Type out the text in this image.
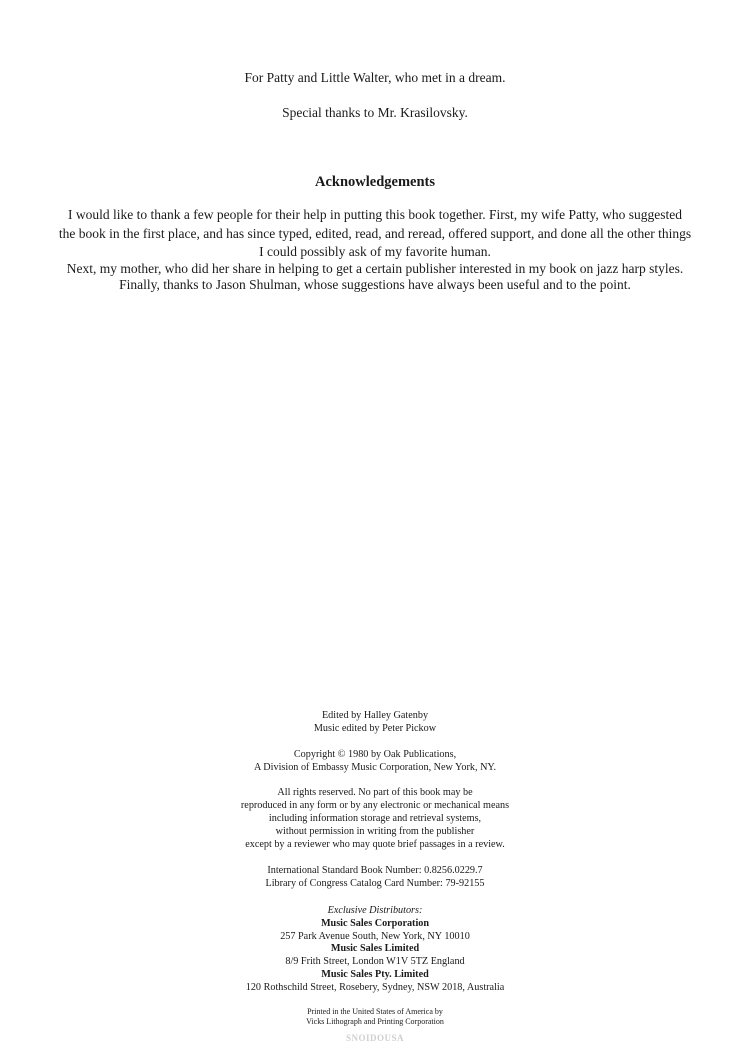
For Patty and Little Walter, who met in a dream.
Special thanks to Mr. Krasilovsky.
Acknowledgements
I would like to thank a few people for their help in putting this book together. First, my wife Patty, who suggested
the book in the first place, and has since typed, edited, read, and reread, offered support, and done all the other things
I could possibly ask of my favorite human.
Next, my mother, who did her share in helping to get a certain publisher interested in my book on jazz harp styles.
Finally, thanks to Jason Shulman, whose suggestions have always been useful and to the point.
Edited by Halley Gatenby
Music edited by Peter Pickow
Copyright © 1980 by Oak Publications,
A Division of Embassy Music Corporation, New York, NY.
All rights reserved. No part of this book may be
reproduced in any form or by any electronic or mechanical means
including information storage and retrieval systems,
without permission in writing from the publisher
except by a reviewer who may quote brief passages in a review.
International Standard Book Number: 0.8256.0229.7
Library of Congress Catalog Card Number: 79-92155
Exclusive Distributors:
Music Sales Corporation
257 Park Avenue South, New York, NY 10010
Music Sales Limited
8/9 Frith Street, London W1V 5TZ England
Music Sales Pty. Limited
120 Rothschild Street, Rosebery, Sydney, NSW 2018, Australia
Printed in the United States of America by
Vicks Lithograph and Printing Corporation
SNOIDOUSA
